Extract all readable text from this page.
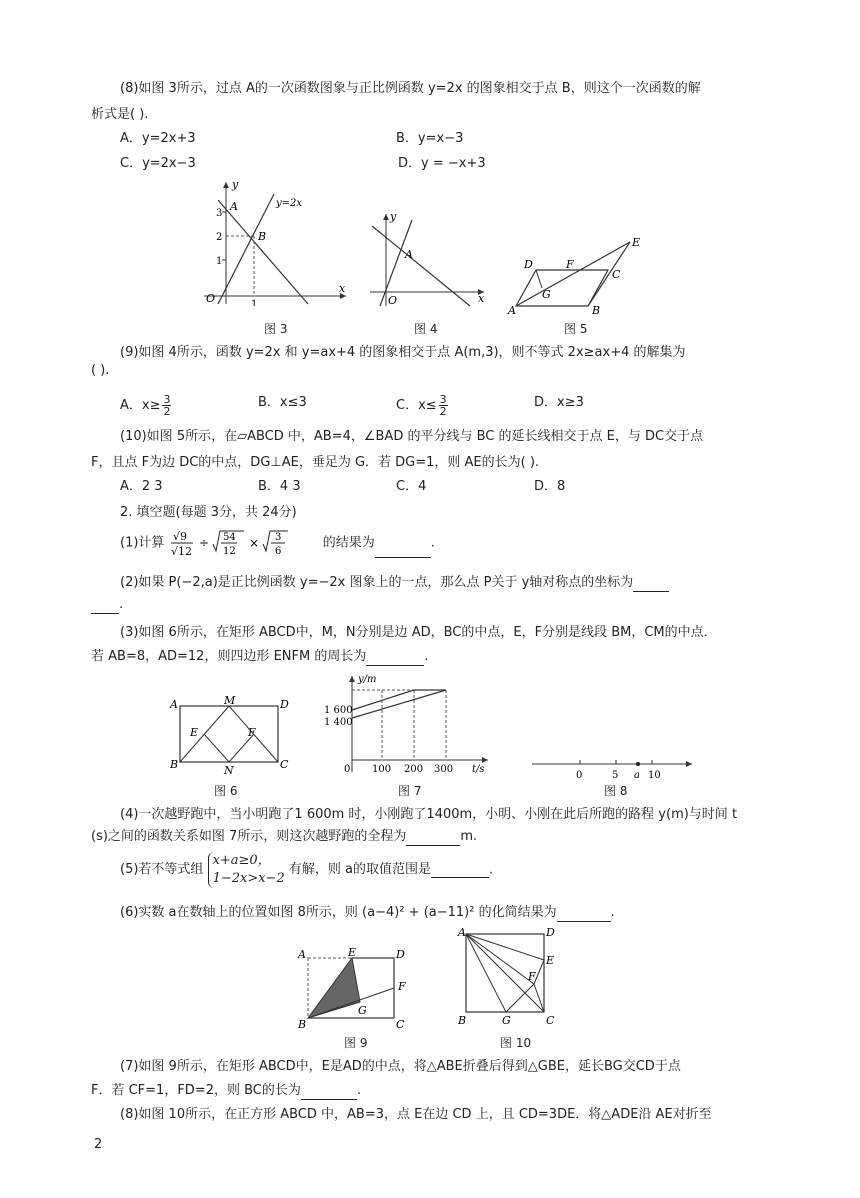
(8)如图 3所示，过点 A的一次函数图象与正比例函数 y=2x 的图象相交于点 B，则这个一次函数的解
析式是( ).
A．y=2x+3	B．y=x−3
C．y=2x−3	D．y = −x+3
y
x
O
3
2
1
1
y=2x
A
B
图 3
y
x
O
A
图 4
A	B
C
D
E
F
G
图 5
(9)如图 4所示，函数 y=2x 和 y=ax+4 的图象相交于点 A(m,3)，则不等式 2x≥ax+4 的解集为
( ).
A．$x\ge \frac{3}{2}$	B．x≤3	C．$x\le \frac{3}{2}$	D．x≥3
(10)如图 5所示，在▱ABCD 中，AB=4，∠BAD 的平分线与 BC 的延长线相交于点 E，与 DC交于点
F，且点 F为边 DC的中点，DG⊥AE，垂足为 G．若 DG=1，则 AE的长为( ).
A．2 3	B．4 3	C．4	D．8
2. 填空题(每题 3分，共 24分)
(1)计算 √9
√12
÷ 54
12
× 3
6
的结果为	.
(2)如果 P(−2,a)是正比例函数 y=−2x 图象上的一点，那么点 P关于 y轴对称点的坐标为
.
(3)如图 6所示，在矩形 ABCD中，M，N分别是边 AD，BC的中点，E，F分别是线段 BM，CM的中点．
若 AB=8，AD=12，则四边形 ENFM 的周长为	.
A	M	D
E	F
B	N	C
图 6
y/m
t/s
1 600
1 400
0 100 200 300
图 7
0	5 a 10
图 8
(4)一次越野跑中，当小明跑了1 600m 时，小刚跑了1400m，小明、小刚在此后所跑的路程 y(m)与时间 t
(s)之间的函数关系如图 7所示，则这次越野跑的全程为	m.
(5)若不等式组 x+a≥0，
1−2x>x−2 有解，则 a的取值范围是	.
(6)实数 a在数轴上的位置如图 8所示，则 (a−4)² + (a−11)² 的化简结果为	.
A	E	D
F
G
B	C
图 9
A	D
E
F
B	G	C
图 10
(7)如图 9所示，在矩形 ABCD中，E是AD的中点，将△ABE折叠后得到△GBE，延长BG交CD于点
F．若 CF=1，FD=2，则 BC的长为	.
(8)如图 10所示，在正方形 ABCD 中，AB=3，点 E在边 CD 上，且 CD=3DE．将△ADE沿 AE对折至
2
